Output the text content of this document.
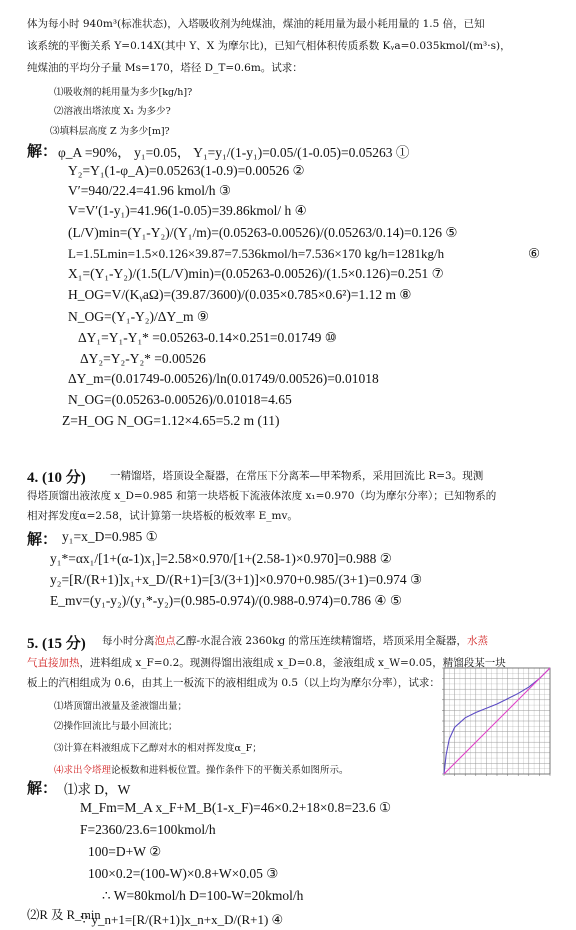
体为每小时 940m³(标准状态)，入塔吸收剂为纯煤油，煤油的耗用量为最小耗用量的 1.5 倍，已知
该系统的平衡关系 Y=0.14X(其中 Y、X 为摩尔比)，已知气相体积传质系数 Kᵧa=0.035kmol/(m³·s)，
纯煤油的平均分子量 Ms=170，塔径 D_T=0.6m。试求：
⑴吸收剂的耗用量为多少[kg/h]?
⑵溶液出塔浓度 X₁ 为多少?
⑶填料层高度 Z 为多少[m]?
解： φ_A =90%， y₁=0.05， Y₁=y₁/(1-y₁)=0.05/(1-0.05)=0.05263 ①
Y₂=Y₁(1-φ_A)=0.05263(1-0.9)=0.00526 ②
V′=940/22.4=41.96 kmol/h ③
V=V′(1-y₁)=41.96(1-0.05)=39.86kmol/ h ④
(L/V)min=(Y₁-Y₂)/(Y₁/m)=(0.05263-0.00526)/(0.05263/0.14)=0.126 ⑤
L=1.5Lmin=1.5×0.126×39.87=7.536kmol/h=7.536×170 kg/h=1281kg/h	⑥
X₁=(Y₁-Y₂)/(1.5(L/V)min)=(0.05263-0.00526)/(1.5×0.126)=0.251 ⑦
H_OG=V/(KᵧaΩ)=(39.87/3600)/(0.035×0.785×0.6²)=1.12 m ⑧
N_OG=(Y₁-Y₂)/ΔY_m ⑨
ΔY₁=Y₁-Y₁* =0.05263-0.14×0.251=0.01749 ⑩
ΔY₂=Y₂-Y₂* =0.00526
ΔY_m=(0.01749-0.00526)/ln(0.01749/0.00526)=0.01018
N_OG=(0.05263-0.00526)/0.01018=4.65
Z=H_OG N_OG=1.12×4.65=5.2 m (11)
4. (10 分) 一精馏塔，塔顶设全凝器，在常压下分离苯—甲苯物系，采用回流比 R=3。现测
得塔顶馏出液浓度 x_D=0.985 和第一块塔板下流液体浓度 x₁=0.970（均为摩尔分率）；已知物系的
相对挥发度α=2.58，试计算第一块塔板的板效率 E_mv。
解： y₁=x_D=0.985 ①
y₁*=αx₁/[1+(α-1)x₁]=2.58×0.970/[1+(2.58-1)×0.970]=0.988 ②
y₂=[R/(R+1)]x₁+x_D/(R+1)=[3/(3+1)]×0.970+0.985/(3+1)=0.974 ③
E_mv=(y₁-y₂)/(y₁*-y₂)=(0.985-0.974)/(0.988-0.974)=0.786 ④ ⑤
5. (15 分) 每小时分离泡点乙醇-水混合液 2360kg 的常压连续精馏塔，塔顶采用全凝器，水蒸
气直接加热，进料组成 x_F=0.2。现测得馏出液组成 x_D=0.8，釜液组成 x_W=0.05，精馏段某一块
板上的汽相组成为 0.6，由其上一板流下的液相组成为 0.5（以上均为摩尔分率），试求：
⑴塔顶馏出液量及釜液馏出量；
⑵操作回流比与最小回流比；
⑶计算在料液组成下乙醇对水的相对挥发度α_F；
⑷求出令塔理论板数和进料板位置。操作条件下的平衡关系如图所示。
解： ⑴求 D，W
M_Fm=M_A x_F+M_B(1-x_F)=46×0.2+18×0.8=23.6 ①
F=2360/23.6=100kmol/h
100=D+W ②
100×0.2=(100-W)×0.8+W×0.05 ③
∴ W=80kmol/h D=100-W=20kmol/h
⑵R 及 R_min
∵ y_n+1=[R/(R+1)]x_n+x_D/(R+1) ④
